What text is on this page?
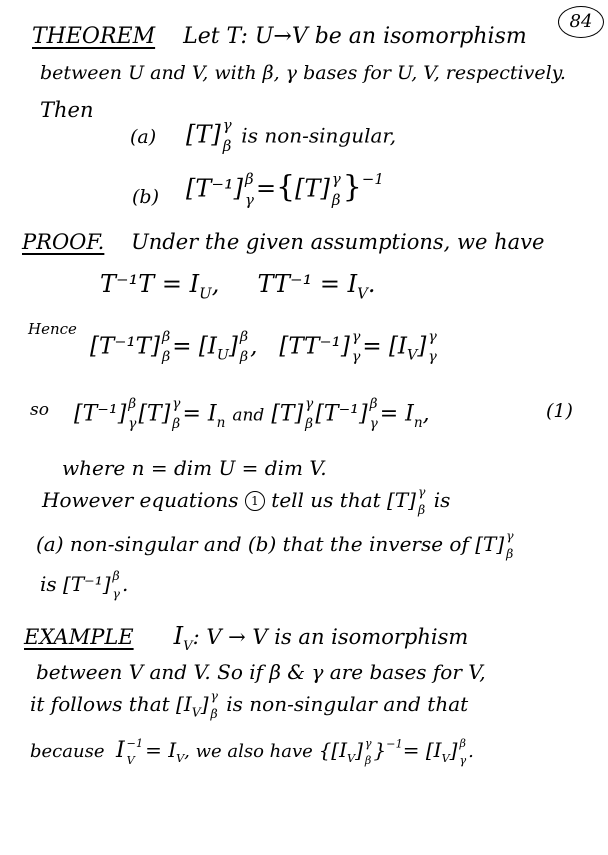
84
THEOREM Let T: U→V be an isomorphism
between U and V, with β, γ bases for U, V, respectively.
Then
(a) [T] γ
β is non-singular,
(b) [T⁻¹] β
γ ={[T] γ
β }$^{-1}$
PROOF. Under the given assumptions, we have
$T^{-1}T = I_U$,     $TT^{-1} = I_V$.
Hence
[T⁻¹T] β
$\beta = [I_U]$ β
β ,   [TT⁻¹] γ
$\gamma = [I_V]$ γ
γ
so [T⁻¹] β
γ [T] γ
$\beta = I_n$ and [T] γ
β [T⁻¹] β
$\gamma = I_n$,	(1)
where n = dim U = dim V.
However equations 1 tell us that [T] γ
β is
(a) non-singular and (b) that the inverse of [T] γ
β
is [T⁻¹] β
γ .
EXAMPLE $I_V$: V → V is an isomorphism
between V and V. So if β & γ are bases for V,
it follows that $[I_V]$ γ
β is non-singular and that
because I −1
$V = I_V$, we also have {$[I_V]$ γ
β }$^{-1}= [I_V]$ β
γ .
